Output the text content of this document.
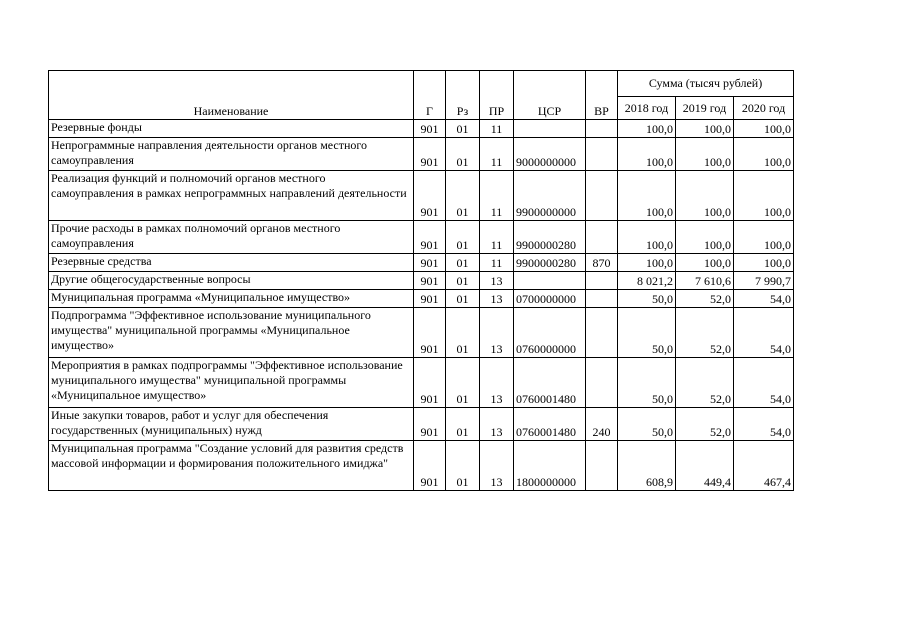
Наименование	Г	Рз	ПР	ЦСР	ВР	Сумма (тысяч рублей)		
						2018 год	2019 год	2020 год
Резервные фонды	901	01	11			100,0	100,0	100,0
Непрограммные направления деятельности органов местного самоуправления	901	01	11	9000000000		100,0	100,0	100,0
Реализация функций и полномочий органов местного самоуправления в рамках непрограммных направлений деятельности	901	01	11	9900000000		100,0	100,0	100,0
Прочие расходы в рамках полномочий органов местного самоуправления	901	01	11	9900000280		100,0	100,0	100,0
Резервные средства	901	01	11	9900000280	870	100,0	100,0	100,0
Другие общегосударственные вопросы	901	01	13			8 021,2	7 610,6	7 990,7
Муниципальная программа «Муниципальное имущество»	901	01	13	0700000000		50,0	52,0	54,0
Подпрограмма "Эффективное использование муниципального имущества" муниципальной программы «Муниципальное имущество»	901	01	13	0760000000		50,0	52,0	54,0
Мероприятия в рамках подпрограммы "Эффективное использование муниципального имущества" муниципальной программы «Муниципальное имущество»	901	01	13	0760001480		50,0	52,0	54,0
Иные закупки товаров, работ и услуг для обеспечения государственных (муниципальных) нужд	901	01	13	0760001480	240	50,0	52,0	54,0
Муниципальная программа "Создание условий для развития средств массовой информации и формирования положительного имиджа"	901	01	13	1800000000		608,9	449,4	467,4
